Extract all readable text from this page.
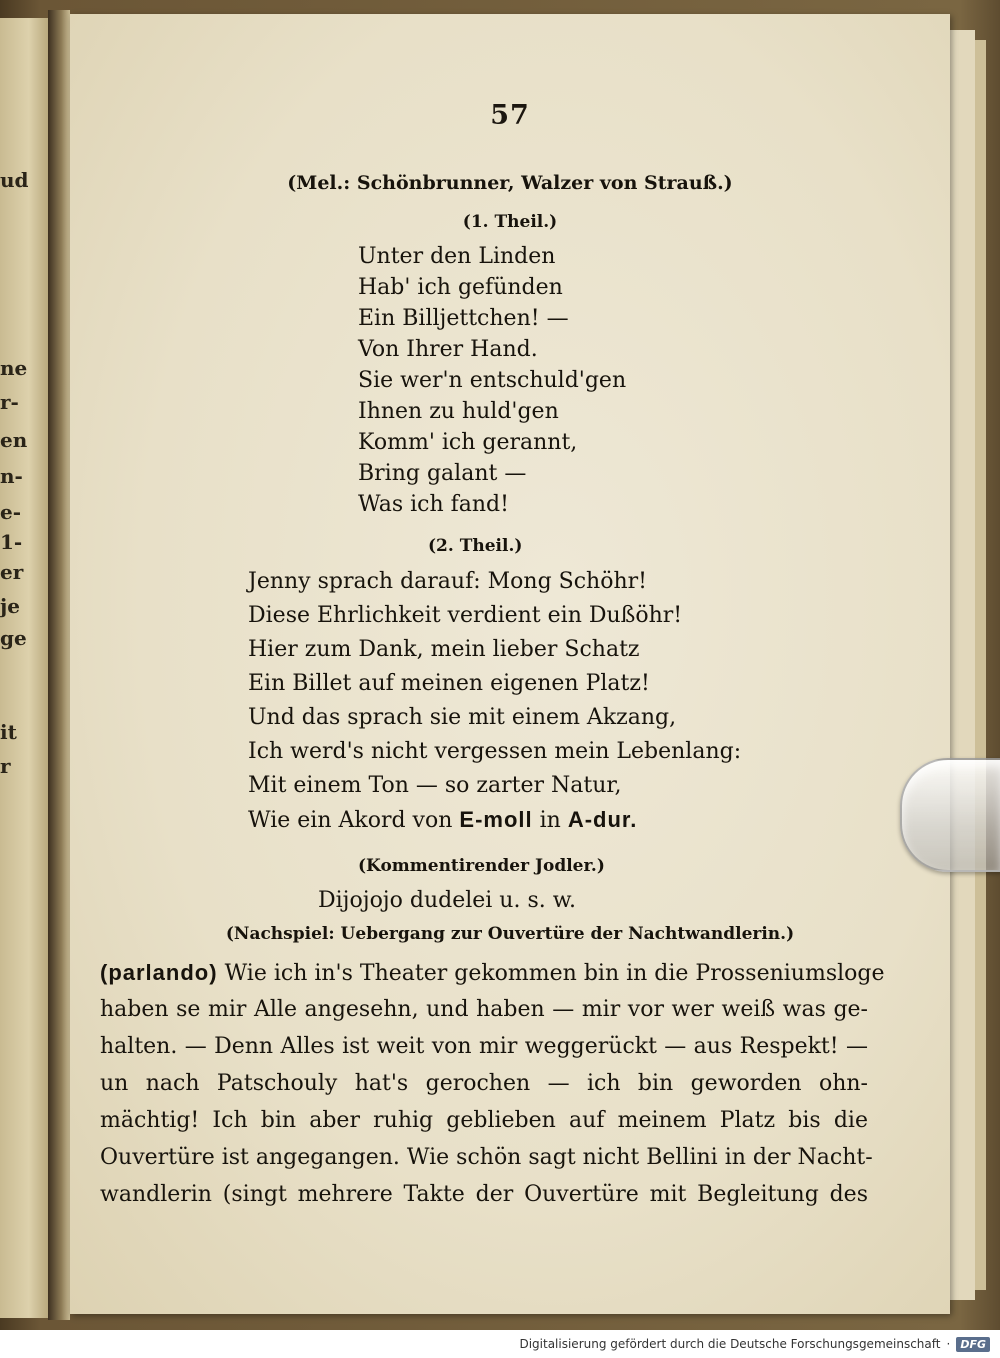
ud
ne
r-
en
n-
e-
1-
er
je
ge
it
r

57
(Mel.: Schönbrunner, Walzer von Strauß.)
(1. Theil.)
Unter den Linden
Hab' ich gefünden
Ein Billjettchen! —
Von Ihrer Hand.
Sie wer'n entschuld'gen
Ihnen zu huld'gen
Komm' ich gerannt,
Bring galant —
Was ich fand!
(2. Theil.)
Jenny sprach darauf: Mong Schöhr!
Diese Ehrlichkeit verdient ein Dußöhr!
Hier zum Dank, mein lieber Schatz
Ein Billet auf meinen eigenen Platz!
Und das sprach sie mit einem Akzang,
Ich werd's nicht vergessen mein Lebenlang:
Mit einem Ton — so zarter Natur,
Wie ein Akord von E-moll in A-dur.
(Kommentirender Jodler.)
Dijojojo dudelei u. s. w.
(Nachspiel: Uebergang zur Ouvertüre der Nachtwandlerin.)
(parlando) Wie ich in's Theater gekommen bin in die Prosseniumsloge
haben se mir Alle angesehn, und haben — mir vor wer weiß was ge-
halten. — Denn Alles ist weit von mir weggerückt — aus Respekt! —
un nach Patschouly hat's gerochen — ich bin geworden ohn-
mächtig! Ich bin aber ruhig geblieben auf meinem Platz bis die
Ouvertüre ist angegangen. Wie schön sagt nicht Bellini in der Nacht-
wandlerin (singt mehrere Takte der Ouvertüre mit Begleitung des
Digitalisierung gefördert durch die Deutsche Forschungsgemeinschaft · DFG
